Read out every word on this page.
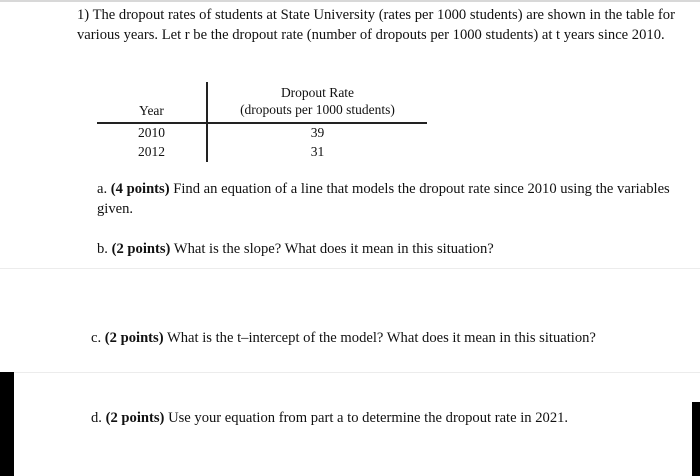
1) The dropout rates of students at State University (rates per 1000 students) are shown in the table for various years. Let r be the dropout rate (number of dropouts per 1000 students) at t years since 2010.
Year
Dropout Rate
(dropouts per 1000 students)
2010	39
2012	31
a. (4 points) Find an equation of a line that models the dropout rate since 2010 using the variables given.
b. (2 points) What is the slope? What does it mean in this situation?
c. (2 points) What is the t–intercept of the model? What does it mean in this situation?
d. (2 points) Use your equation from part a to determine the dropout rate in 2021.
